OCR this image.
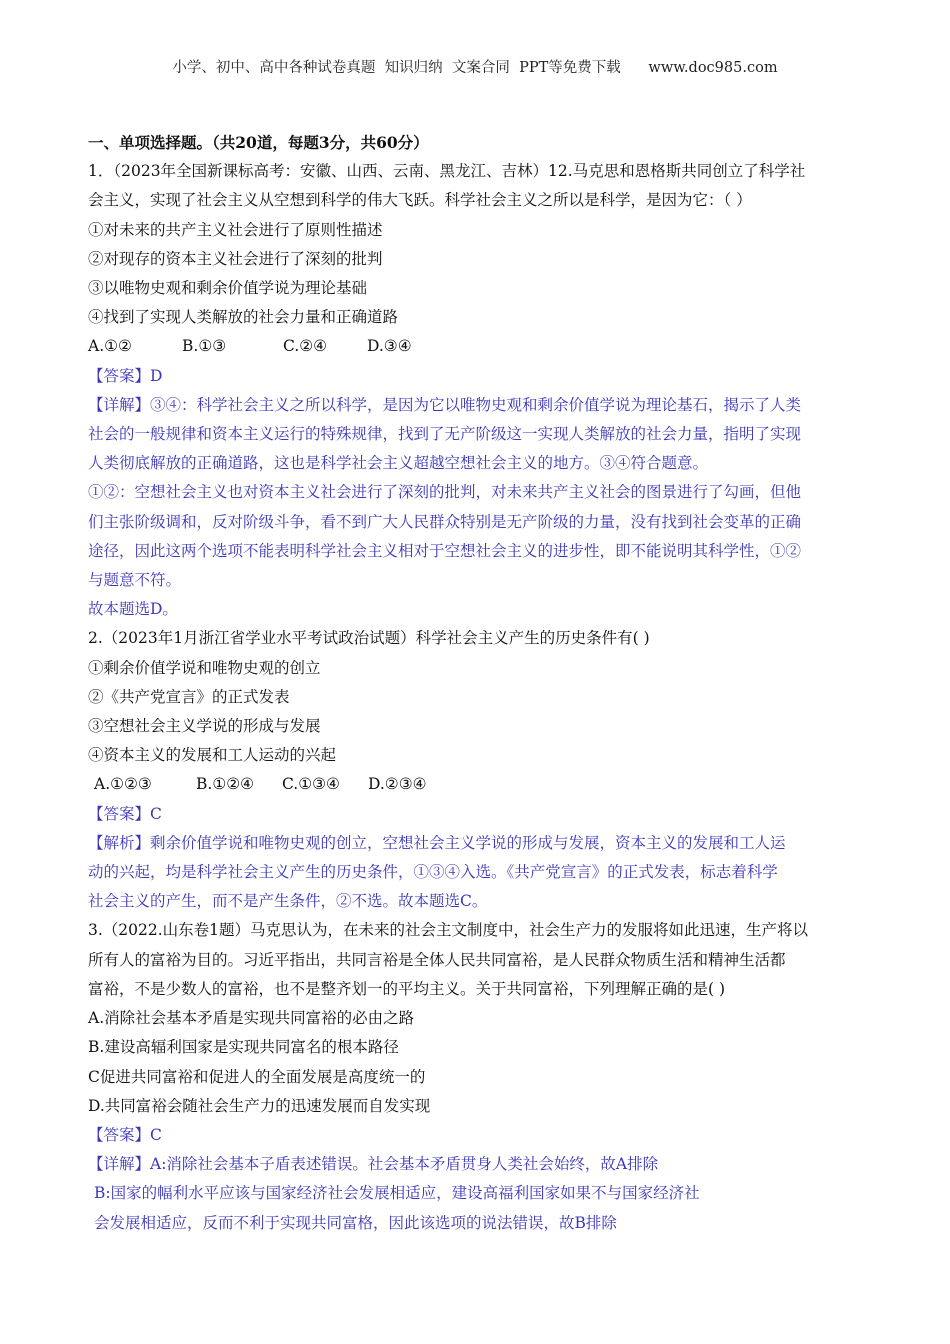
小学、初中、高中各种试卷真题  知识归纳  文案合同  PPT等免费下载 www.doc985.com

一、单项选择题。（共20道，每题3分，共60分）

1．（2023年全国新课标高考：安徽、山西、云南、黑龙江、吉林）12.马克思和恩格斯共同创立了科学社

会主义，实现了社会主义从空想到科学的伟大飞跃。科学社会主义之所以是科学，是因为它：（ ）

①对未来的共产主义社会进行了原则性描述

②对现存的资本主义社会进行了深刻的批判

③以唯物史观和剩余价值学说为理论基础

④找到了实现人类解放的社会力量和正确道路

A.①②	B.①③	C.②④	D.③④

【答案】D

【详解】③④：科学社会主义之所以科学，是因为它以唯物史观和剩余价值学说为理论基石，揭示了人类

社会的一般规律和资本主义运行的特殊规律，找到了无产阶级这一实现人类解放的社会力量，指明了实现

人类彻底解放的正确道路，这也是科学社会主义超越空想社会主义的地方。③④符合题意。

①②：空想社会主义也对资本主义社会进行了深刻的批判，对未来共产主义社会的图景进行了勾画，但他

们主张阶级调和，反对阶级斗争，看不到广大人民群众特别是无产阶级的力量，没有找到社会变革的正确

途径，因此这两个选项不能表明科学社会主义相对于空想社会主义的进步性，即不能说明其科学性，①②

与题意不符。

故本题选D。

2.（2023年1月浙江省学业水平考试政治试题）科学社会主义产生的历史条件有( )

①剩余价值学说和唯物史观的创立

②《共产党宣言》的正式发表

③空想社会主义学说的形成与发展

④资本主义的发展和工人运动的兴起

A.①②③	B.①②④ C.①③④ D.②③④

【答案】C

【解析】剩余价值学说和唯物史观的创立，空想社会主义学说的形成与发展，资本主义的发展和工人运

动的兴起，均是科学社会主义产生的历史条件，①③④入选。《共产党宣言》的正式发表，标志着科学

社会主义的产生，而不是产生条件，②不选。故本题选C。

3.（2022.山东卷1题）马克思认为，在未来的社会主文制度中，社会生产力的发服将如此迅速，生产将以

所有人的富裕为目的。习近平指出，共同言裕是全体人民共同富裕，是人民群众物质生活和精神生活都

富裕，不是少数人的富裕，也不是整齐划一的平均主义。关于共同富裕，下列理解正确的是( )

A.消除社会基本矛盾是实现共同富裕的必由之路

B.建设高辐利国家是实现共同富名的根本路径

C促进共同富裕和促进人的全面发展是高度统一的

D.共同富裕会随社会生产力的迅速发展而自发实现

【答案】C

【详解】A:消除社会基本子盾表述错误。社会基本矛盾贯身人类社会始终，故A排除

B:国家的幅利水平应该与国家经济社会发展相适应，建设高福利国家如果不与国家经济社

会发展相适应，反而不利于实现共同富格，因此该选项的说法错误，故B排除
